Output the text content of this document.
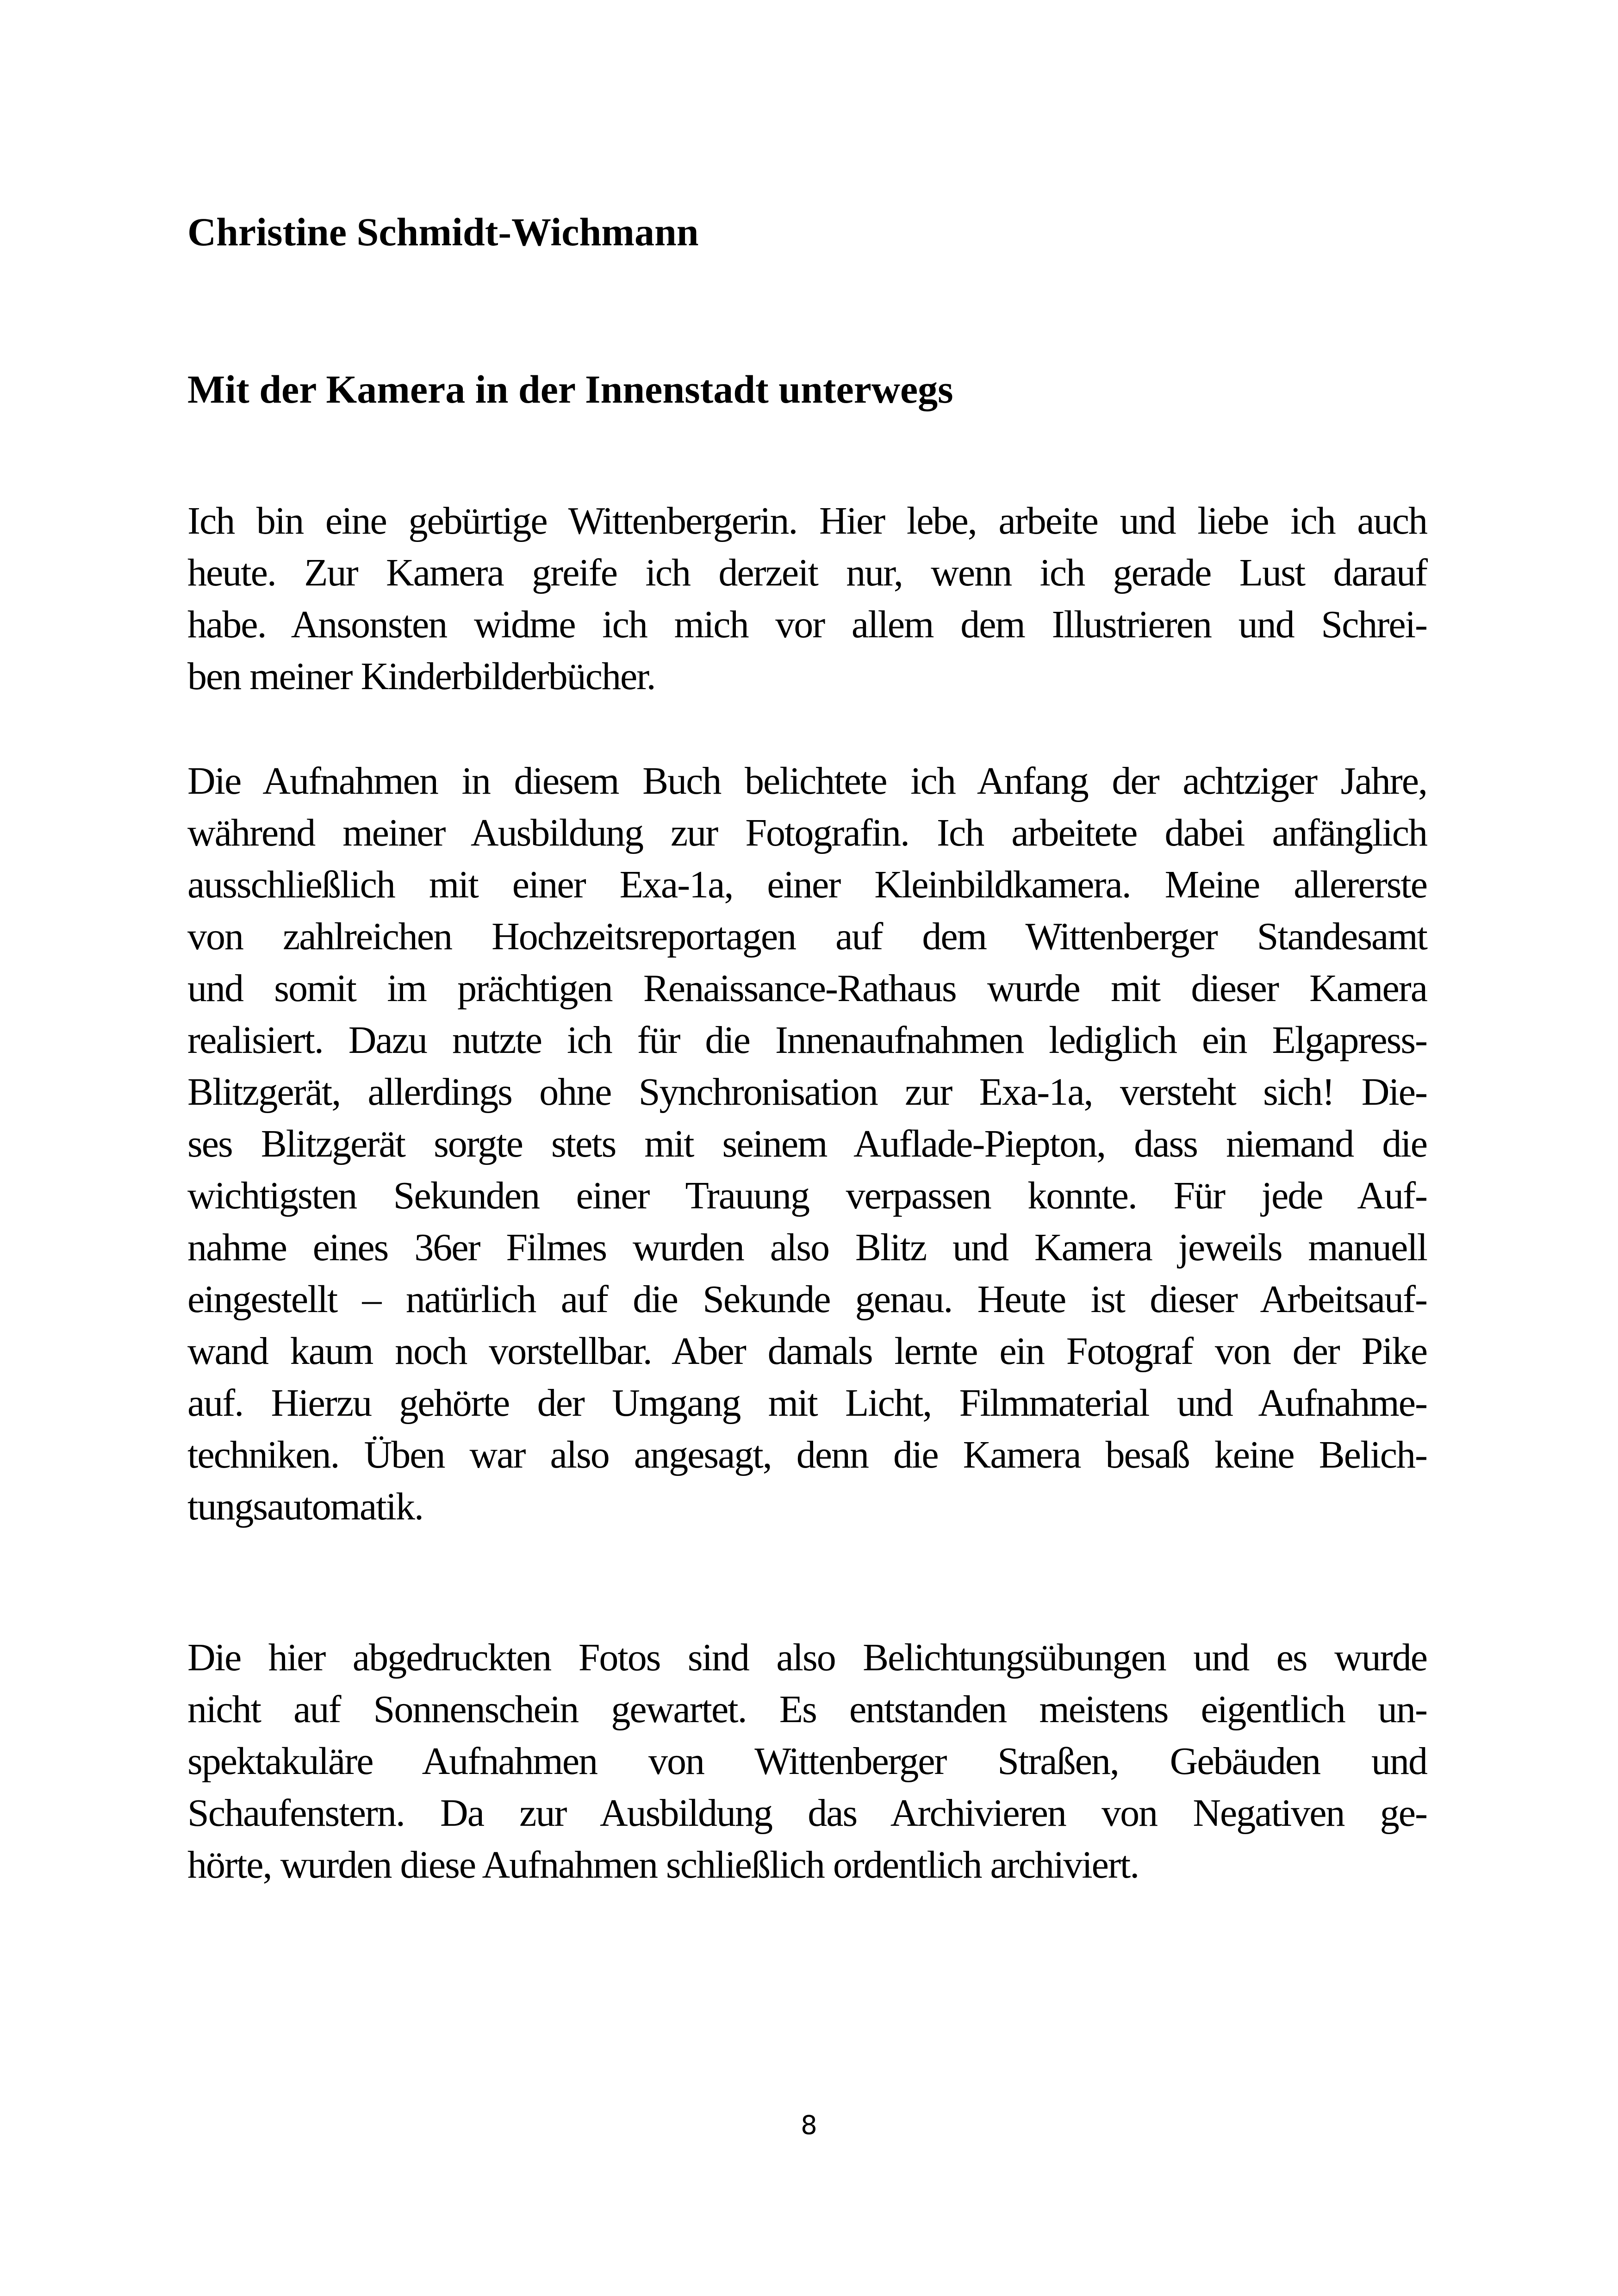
Christine Schmidt-Wichmann
Mit der Kamera in der Innenstadt unterwegs
Ich bin eine gebürtige Wittenbergerin. Hier lebe, arbeite und liebe ich auch
heute. Zur Kamera greife ich derzeit nur, wenn ich gerade Lust darauf
habe. Ansonsten widme ich mich vor allem dem Illustrieren und Schrei-
ben meiner Kinderbilderbücher.
Die Aufnahmen in diesem Buch belichtete ich Anfang der achtziger Jahre,
während meiner Ausbildung zur Fotografin. Ich arbeitete dabei anfänglich
ausschließlich mit einer Exa-1a, einer Kleinbildkamera. Meine allererste
von zahlreichen Hochzeitsreportagen auf dem Wittenberger Standesamt
und somit im prächtigen Renaissance-Rathaus wurde mit dieser Kamera
realisiert. Dazu nutzte ich für die Innenaufnahmen lediglich ein Elgapress-
Blitzgerät, allerdings ohne Synchronisation zur Exa-1a, versteht sich! Die-
ses Blitzgerät sorgte stets mit seinem Auflade-Piepton, dass niemand die
wichtigsten Sekunden einer Trauung verpassen konnte. Für jede Auf-
nahme eines 36er Filmes wurden also Blitz und Kamera jeweils manuell
eingestellt – natürlich auf die Sekunde genau. Heute ist dieser Arbeitsauf-
wand kaum noch vorstellbar. Aber damals lernte ein Fotograf von der Pike
auf. Hierzu gehörte der Umgang mit Licht, Filmmaterial und Aufnahme-
techniken. Üben war also angesagt, denn die Kamera besaß keine Belich-
tungsautomatik.
Die hier abgedruckten Fotos sind also Belichtungsübungen und es wurde
nicht auf Sonnenschein gewartet. Es entstanden meistens eigentlich un-
spektakuläre Aufnahmen von Wittenberger Straßen, Gebäuden und
Schaufenstern. Da zur Ausbildung das Archivieren von Negativen ge-
hörte, wurden diese Aufnahmen schließlich ordentlich archiviert.

8
